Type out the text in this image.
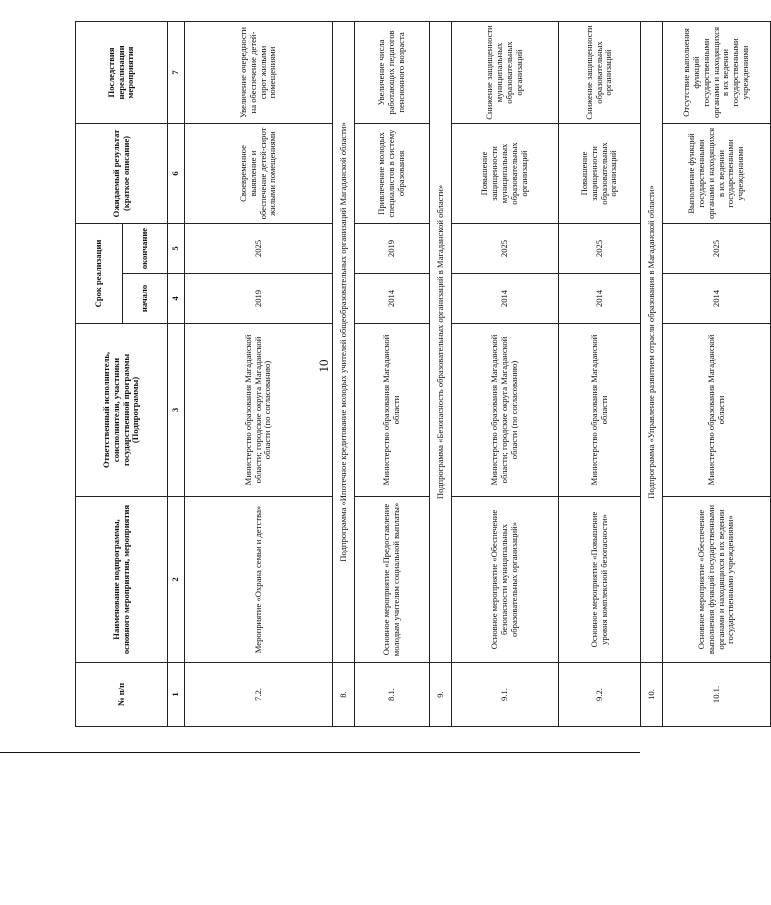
10
№ п/п	Наименование подпрограммы, основного мероприятия, мероприятия	Ответственный исполнитель, соисполнители, участники государственной программы (Подпрограммы)	Срок реализации		Ожидаемый результат (краткое описание)	Последствия нереализации мероприятия
			начало	окончание		
1	2	3	4	5	6	7
7.2.	Мероприятие «Охрана семьи и детства»	Министерство образования Магаданской области; городские округа Магаданской области (по согласованию)	2019	2025	Своевременное выявление и обеспечение детей-сирот жилыми помещениями	Увеличение очередности на обеспечение детей-сирот жилыми помещениями
8.	Подпрограмма «Ипотечное кредитование молодых учителей общеобразовательных организаций Магаданской области»					
8.1.	Основное мероприятие «Предоставление молодым учителям социальной выплаты»	Министерство образования Магаданской области	2014	2019	Привлечение молодых специалистов в систему образования	Увеличение числа работающих педагогов пенсионного возраста
9.	Подпрограмма «Безопасность образовательных организаций в Магаданской области»					
9.1.	Основное мероприятие «Обеспечение безопасности муниципальных образовательных организаций»	Министерство образования Магаданской области; городские округа Магаданской области (по согласованию)	2014	2025	Повышение защищенности муниципальных образовательных организаций	Снижение защищенности муниципальных образовательных организаций
9.2.	Основное мероприятие «Повышение уровня комплексной безопасности»	Министерство образования Магаданской области	2014	2025	Повышение защищенности образовательных организаций	Снижение защищенности образовательных организаций
10.	Подпрограмма «Управление развитием отрасли образования в Магаданской области»					
10.1.	Основное мероприятие «Обеспечение выполнения функций государственными органами и находящихся в их ведении государственными учреждениями»	Министерство образования Магаданской области	2014	2025	Выполнение функций государственными органами и находящихся в их ведении государственными учреждениями	Отсутствие выполнения функций государственными органами и находящихся в их ведении государственными учреждениями
